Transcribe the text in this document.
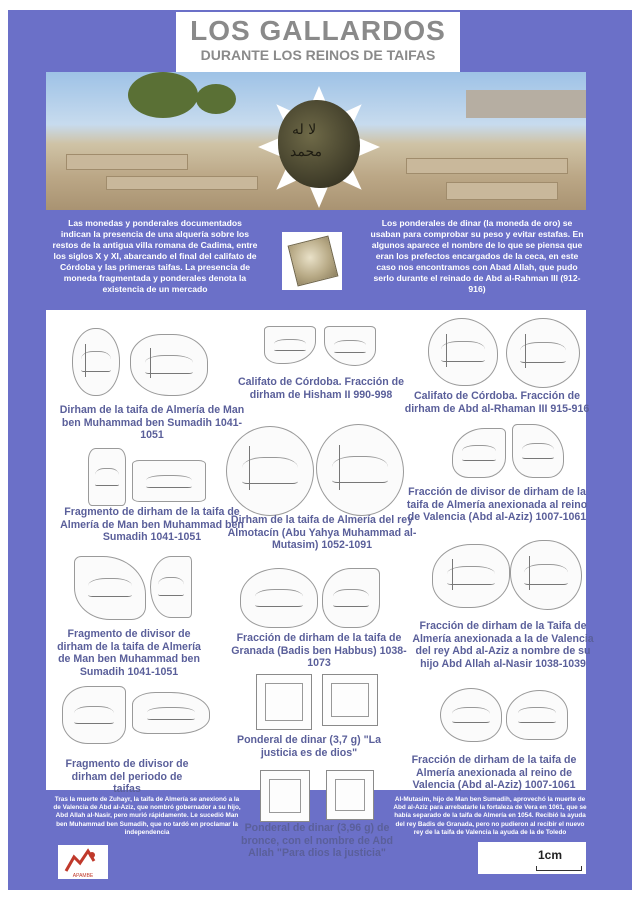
LOS GALLARDOS
DURANTE LOS REINOS DE TAIFAS
ﻻ ﻟﻪ
ﻣﺤﻤﺪ
Las monedas y ponderales documentados indican la presencia de una alquería sobre los restos de la antigua villa romana de Cadima, entre los siglos X y XI, abarcando el final del califato de Córdoba y las primeras taifas. La presencia de moneda fragmentada y ponderales denota la existencia de un mercado
Los ponderales de dinar (la moneda de oro) se usaban para comprobar su peso y evitar estafas. En algunos aparece el nombre de lo que se piensa que eran los prefectos encargados de la ceca, en este caso nos encontramos con Abad Allah, que pudo serlo durante el reinado de Abd al-Rahman III (912-916)
Dirham de la taifa de Almería de Man ben Muhammad ben Sumadih 1041-1051
Califato de Córdoba. Fracción de dirham de Hisham II 990-998	Califato de Córdoba. Fracción de dirham de Abd al-Rhaman III 915-916
Fragmento de dirham de la taifa de Almería de Man ben Muhammad ben Sumadih 1041-1051
Dirham de la taifa de Almería del rey Almotacín (Abu Yahya Muhammad al-Mutasim) 1052-1091
Fracción de divisor de dirham de la taifa de Almería anexionada al reino de Valencia (Abd al-Aziz) 1007-1061
Fragmento de divisor de dirham de la taifa de Almería de Man ben Muhammad ben Sumadih 1041-1051
Fracción de dirham de la taifa de Granada (Badis ben Habbus) 1038-1073
Fracción de dirham de la Taifa de Almería anexionada a la de Valencia del rey Abd al-Aziz a nombre de su hijo Abd Allah al-Nasir 1038-1039
Fragmento de divisor de dirham del periodo de taifas
Ponderal de dinar (3,7 g) "La justicia es de dios"
Fracción de dirham de la taifa de Almería anexionada al reino de Valencia (Abd al-Aziz) 1007-1061
Ponderal de dinar (3,96 g) de bronce, con el nombre de Abd Allah "Para dios la justicia"
Tras la muerte de Zuhayr, la taifa de Almería se anexionó a la de Valencia de Abd al-Aziz, que nombró gobernador a su hijo, Abd Allah al-Nasir, pero murió rápidamente. Le sucedió Man ben Muhammad ben Sumadih, que no tardó en proclamar la independencia
Al-Mutasim, hijo de Man ben Sumadih, aprovechó la muerte de Abd al-Aziz para arrebatarle la fortaleza de Vera en 1061, que se había separado de la taifa de Almería en 1054. Recibió la ayuda del rey Badis de Granada, pero no pudieron al recibir el nuevo rey de la taifa de Valencia la ayuda de la de Toledo
APAMBE
1cm
